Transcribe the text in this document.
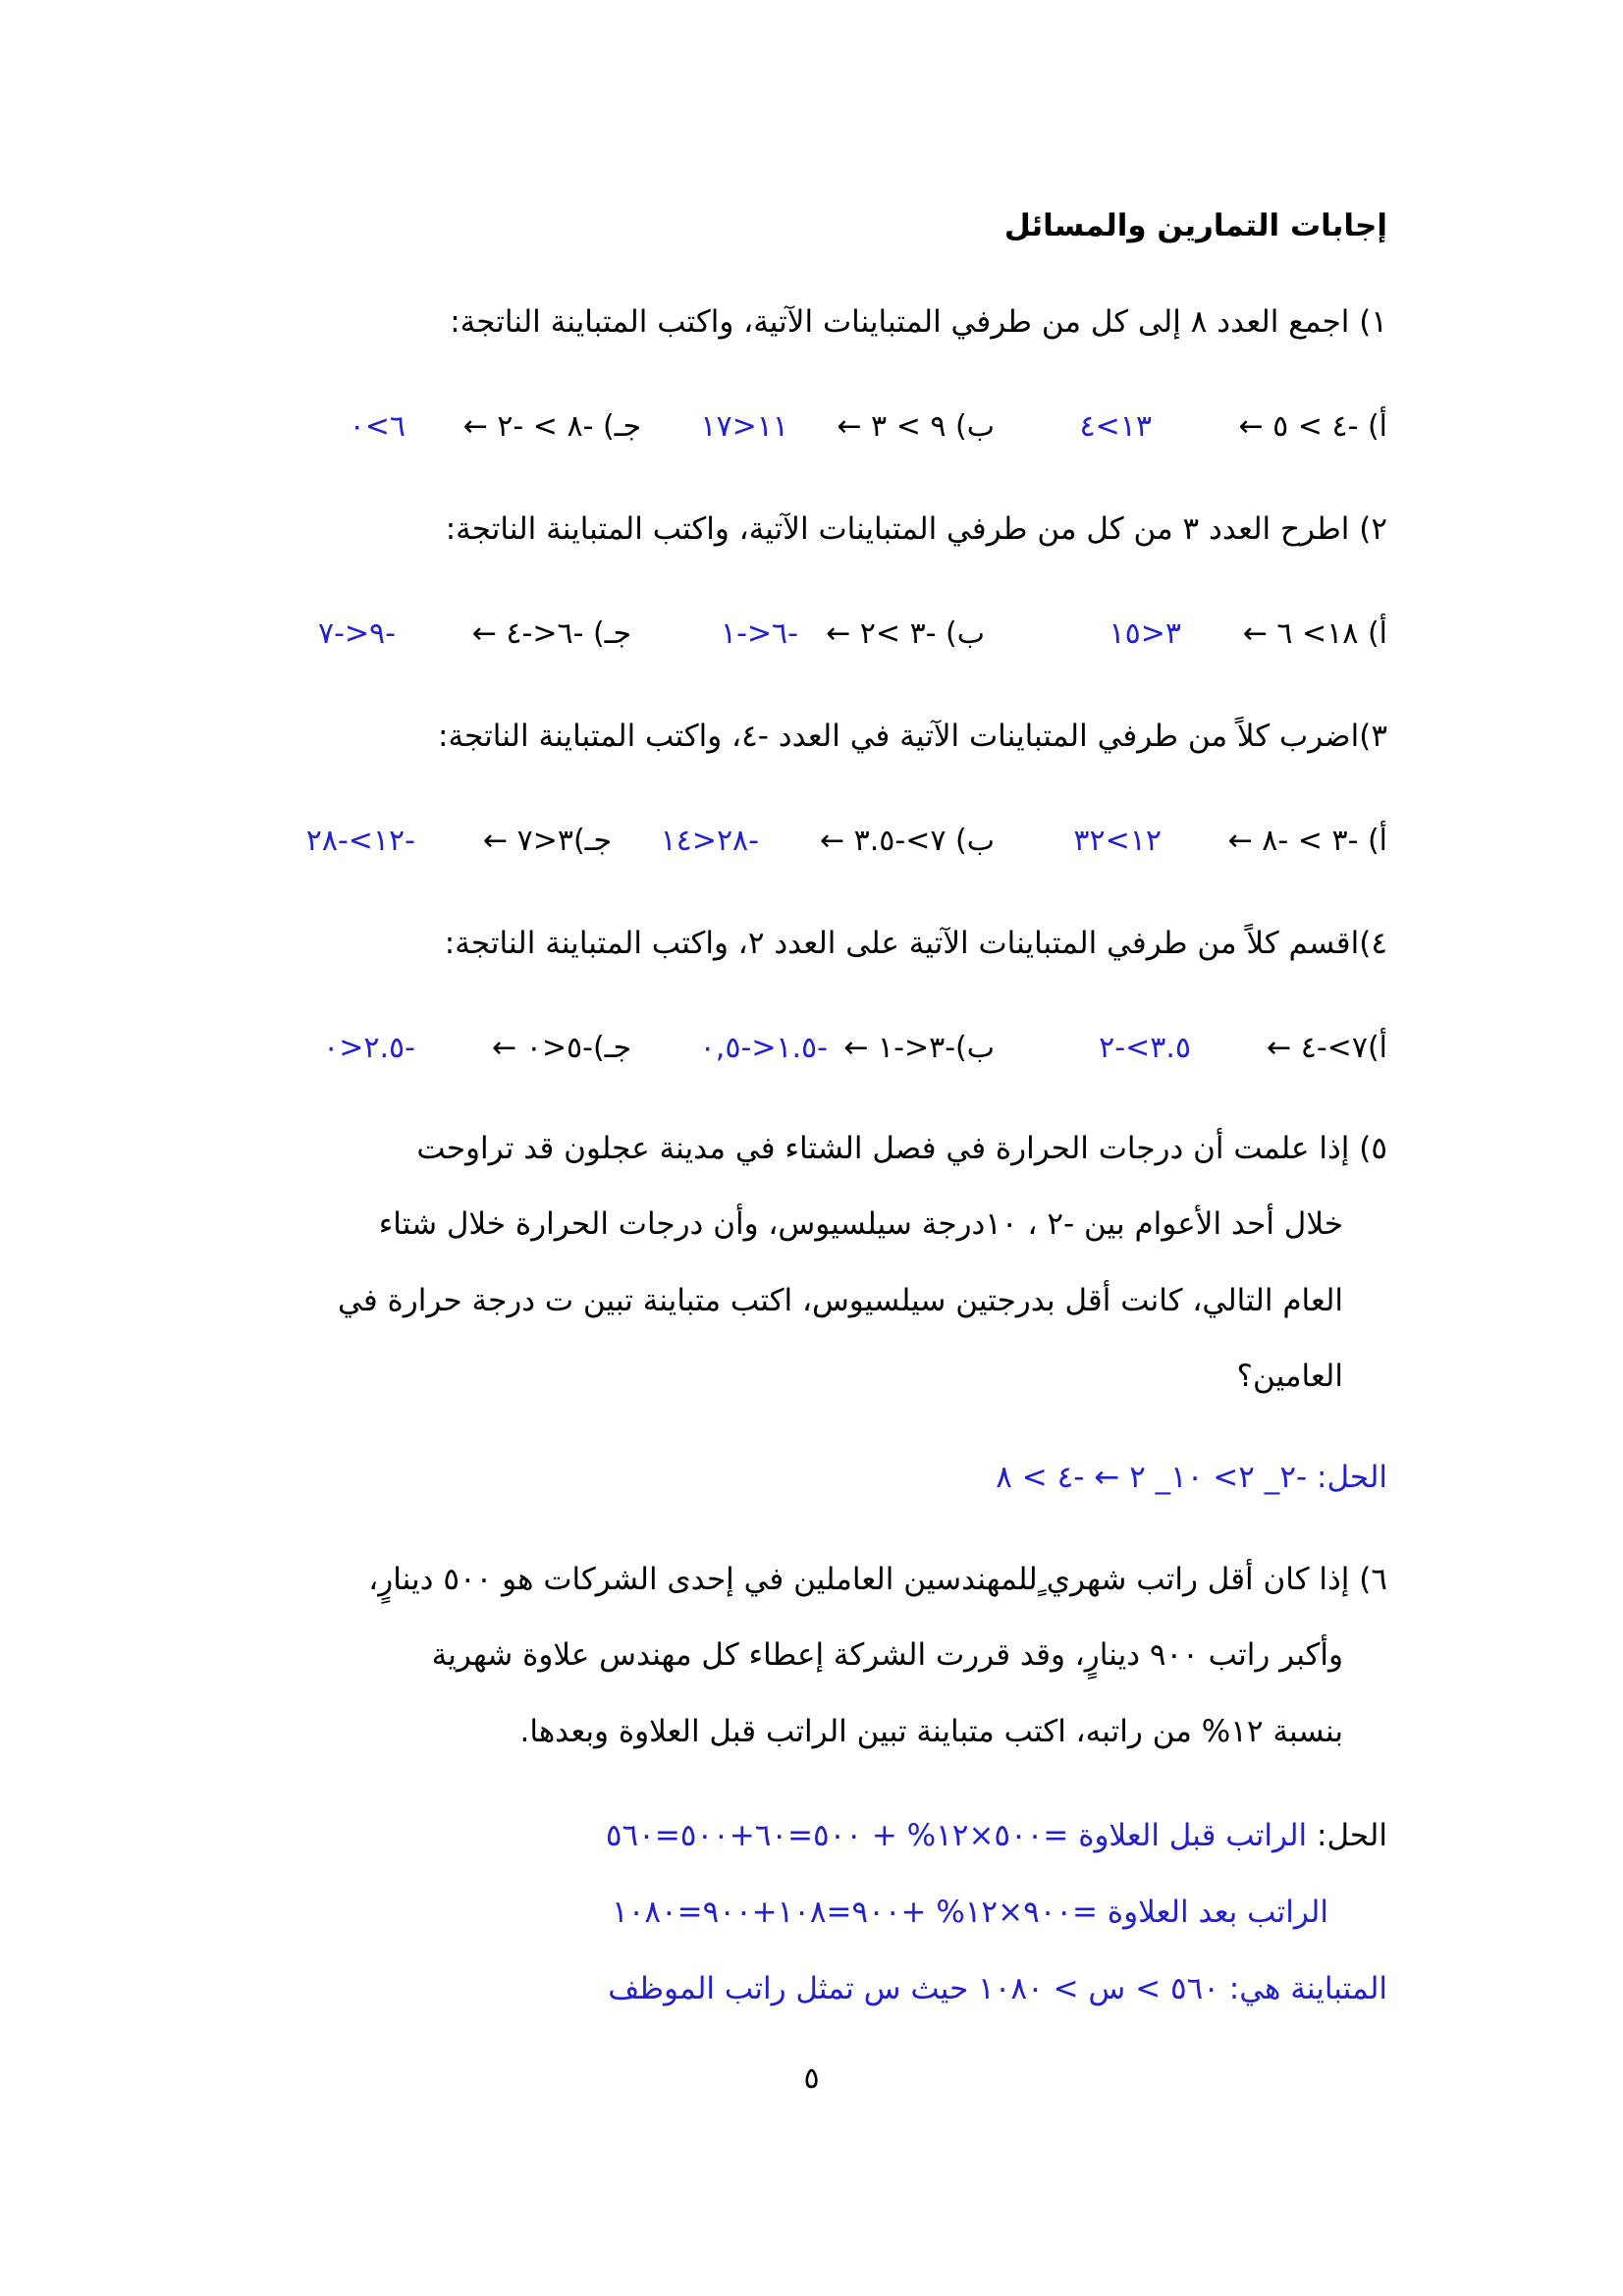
إجابات التمارين والمسائل
١) اجمع العدد ٨ إلى كل من طرفي المتباينات الآتية، واكتب المتباينة الناتجة:
أ) -٤ > ٥ ←
١٣>٤
ب) ٩ > ٣ ←
١١<١٧
جـ) -٨ > -٢ ←
٦>٠
٢) اطرح العدد ٣ من كل من طرفي المتباينات الآتية، واكتب المتباينة الناتجة:
أ) ١٨> ٦ ←
٣<١٥
ب) -٣ >٢ ←
-٦<-١
جـ) -٦<-٤ ←
-٩<-٧
٣)اضرب كلاً من طرفي المتباينات الآتية في العدد -٤، واكتب المتباينة الناتجة:
أ) -٣ > -٨ ←
١٢>٣٢
ب) ٧>-٣.٥ ←
-٢٨<١٤
جـ)٣<٧ ←
-١٢>-٢٨
٤)اقسم كلاً من طرفي المتباينات الآتية على العدد ٢، واكتب المتباينة الناتجة:
أ)٧>-٤ ←
٣.٥>-٢
ب)-٣<-١ ←
-١.٥<-٠,٥
جـ)-٥<٠ ←
-٢.٥<٠
٥) إذا علمت أن درجات الحرارة في فصل الشتاء في مدينة عجلون قد تراوحت
خلال أحد الأعوام بين -٢ ، ١٠درجة سيلسيوس، وأن درجات الحرارة خلال شتاء
العام التالي، كانت أقل بدرجتين سيلسيوس، اكتب متباينة تبين ت درجة حرارة في
العامين؟
الحل: -٢_ ٢> ١٠_ ٢ ← -٤ > ٨
٦) إذا كان أقل راتب شهري ٍللمهندسين العاملين في إحدى الشركات هو ٥٠٠ دينارٍ،
وأكبر راتب ٩٠٠ دينارٍ، وقد قررت الشركة إعطاء كل مهندس علاوة شهرية
بنسبة ١٢% من راتبه، اكتب متباينة تبين الراتب قبل العلاوة وبعدها.
الحل: الراتب قبل العلاوة =٥٠٠×١٢% + ٥٠٠=٦٠+٥٠٠=٥٦٠
الراتب بعد العلاوة =٩٠٠×١٢% +٩٠٠=١٠٨+٩٠٠=١٠٨٠
المتباينة هي: ٥٦٠ > س > ١٠٨٠ حيث س تمثل راتب الموظف
٥
